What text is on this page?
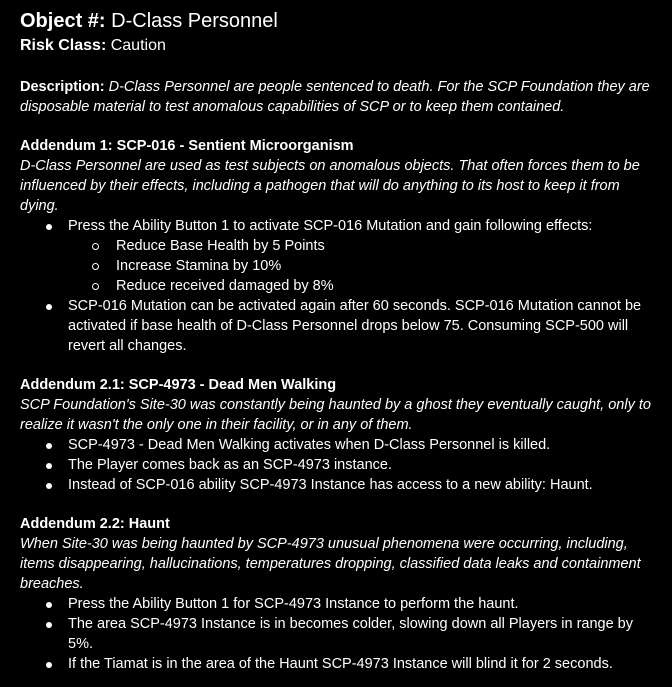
Object #: D-Class Personnel
Risk Class: Caution

Description: D-Class Personnel are people sentenced to death. For the SCP Foundation they are disposable material to test anomalous capabilities of SCP or to keep them contained.

Addendum 1: SCP-016 - Sentient Microorganism

D-Class Personnel are used as test subjects on anomalous objects. That often forces them to be influenced by their effects, including a pathogen that will do anything to its host to keep it from dying.

Press the Ability Button 1 to activate SCP-016 Mutation and gain following effects:
Reduce Base Health by 5 Points
Increase Stamina by 10%
Reduce received damaged by 8%
SCP-016 Mutation can be activated again after 60 seconds. SCP-016 Mutation cannot be activated if base health of D-Class Personnel drops below 75. Consuming SCP-500 will revert all changes.
Addendum 2.1: SCP-4973 - Dead Men Walking

SCP Foundation's Site-30 was constantly being haunted by a ghost they eventually caught, only to realize it wasn't the only one in their facility, or in any of them.

SCP-4973 - Dead Men Walking activates when D-Class Personnel is killed.
The Player comes back as an SCP-4973 instance.
Instead of SCP-016 ability SCP-4973 Instance has access to a new ability: Haunt.
Addendum 2.2: Haunt

When Site-30 was being haunted by SCP-4973 unusual phenomena were occurring, including, items disappearing, hallucinations, temperatures dropping, classified data leaks and containment breaches.

Press the Ability Button 1 for SCP-4973 Instance to perform the haunt.
The area SCP-4973 Instance is in becomes colder, slowing down all Players in range by 5%.
If the Tiamat is in the area of the Haunt SCP-4973 Instance will blind it for 2 seconds.
